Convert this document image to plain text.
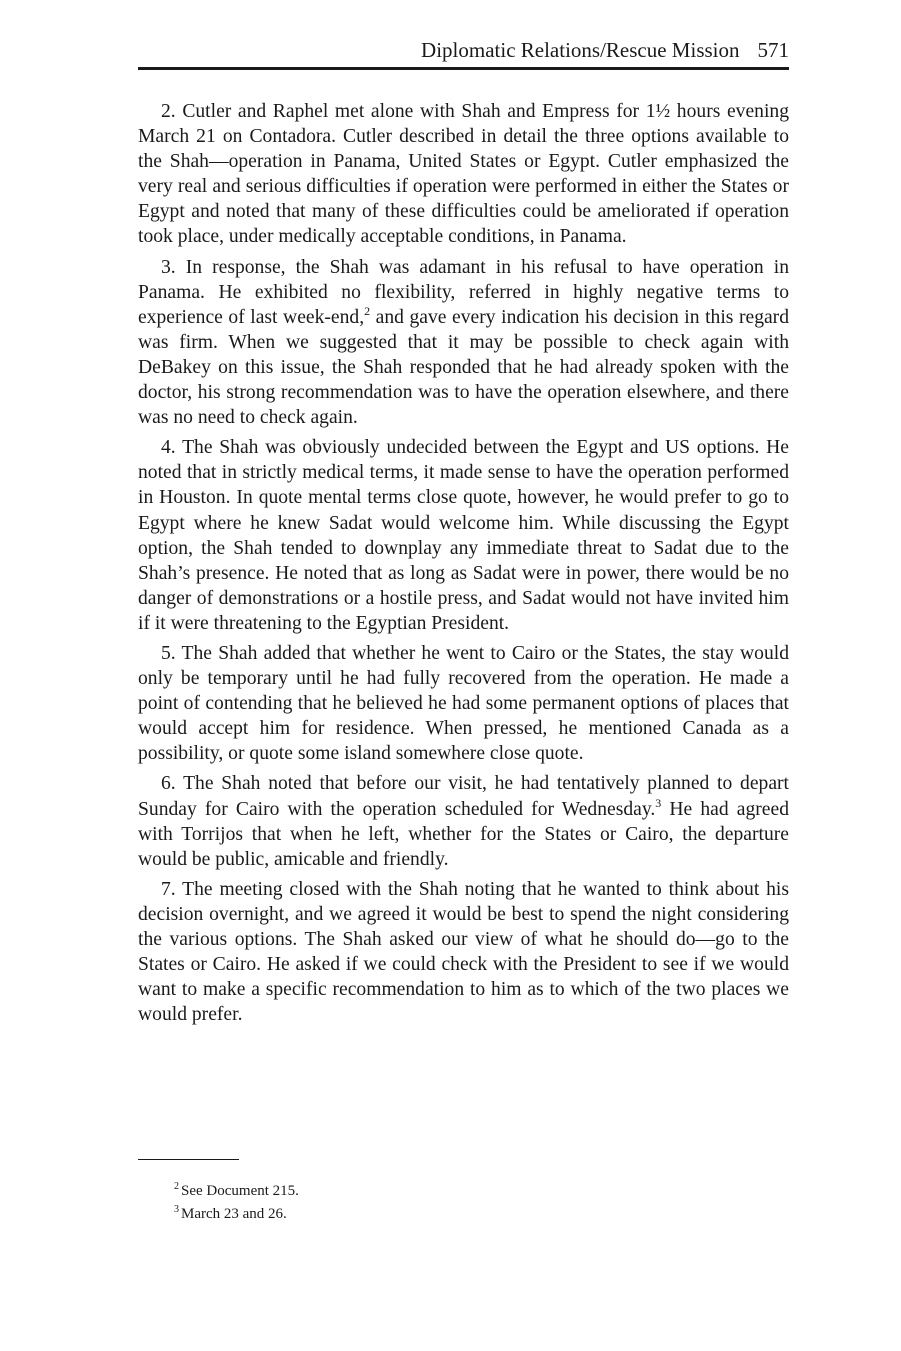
Diplomatic Relations/Rescue Mission 571

2. Cutler and Raphel met alone with Shah and Empress for 1½ hours evening March 21 on Contadora. Cutler described in detail the three options available to the Shah—operation in Panama, United States or Egypt. Cutler emphasized the very real and serious difficulties if operation were performed in either the States or Egypt and noted that many of these difficulties could be ameliorated if operation took place, under medically acceptable conditions, in Panama.

3. In response, the Shah was adamant in his refusal to have operation in Panama. He exhibited no flexibility, referred in highly negative terms to experience of last week-end,$^2$ and gave every indication his decision in this regard was firm. When we suggested that it may be possible to check again with DeBakey on this issue, the Shah responded that he had already spoken with the doctor, his strong recommendation was to have the operation elsewhere, and there was no need to check again.

4. The Shah was obviously undecided between the Egypt and US options. He noted that in strictly medical terms, it made sense to have the operation performed in Houston. In quote mental terms close quote, however, he would prefer to go to Egypt where he knew Sadat would welcome him. While discussing the Egypt option, the Shah tended to downplay any immediate threat to Sadat due to the Shah’s presence. He noted that as long as Sadat were in power, there would be no danger of demonstrations or a hostile press, and Sadat would not have invited him if it were threatening to the Egyptian President.

5. The Shah added that whether he went to Cairo or the States, the stay would only be temporary until he had fully recovered from the operation. He made a point of contending that he believed he had some permanent options of places that would accept him for residence. When pressed, he mentioned Canada as a possibility, or quote some island somewhere close quote.

6. The Shah noted that before our visit, he had tentatively planned to depart Sunday for Cairo with the operation scheduled for Wednesday.$^3$ He had agreed with Torrijos that when he left, whether for the States or Cairo, the departure would be public, amicable and friendly.

7. The meeting closed with the Shah noting that he wanted to think about his decision overnight, and we agreed it would be best to spend the night considering the various options. The Shah asked our view of what he should do—go to the States or Cairo. He asked if we could check with the President to see if we would want to make a specific recommendation to him as to which of the two places we would prefer.

$^2$ See Document 215.
$^3$ March 23 and 26.
